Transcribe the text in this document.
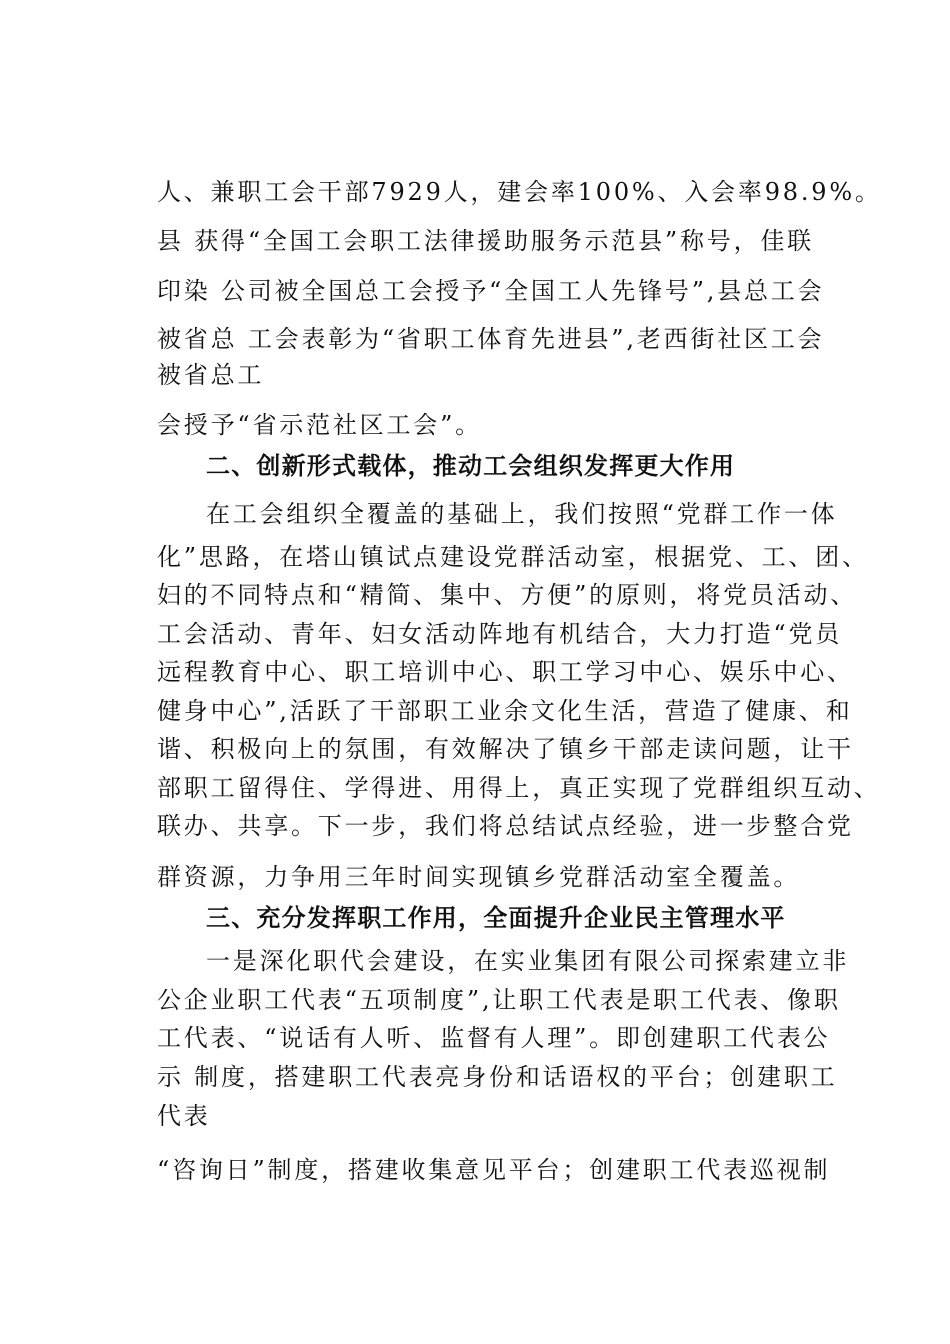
人、兼职工会干部7929人，建会率100%、入会率98.9%。

县 获得“全国工会职工法律援助服务示范县”称号，佳联

印染 公司被全国总工会授予“全国工人先锋号”,县总工会

被省总 工会表彰为“省职工体育先进县”,老西街社区工会

被省总工

会授予“省示范社区工会”。

二、创新形式载体，推动工会组织发挥更大作用

在工会组织全覆盖的基础上，我们按照“党群工作一体

化”思路，在塔山镇试点建设党群活动室，根据党、工、团、

妇的不同特点和“精简、集中、方便”的原则，将党员活动、

工会活动、青年、妇女活动阵地有机结合，大力打造“党员

远程教育中心、职工培训中心、职工学习中心、娱乐中心、

健身中心”,活跃了干部职工业余文化生活，营造了健康、和

谐、积极向上的氛围，有效解决了镇乡干部走读问题，让干

部职工留得住、学得进、用得上，真正实现了党群组织互动、

联办、共享。下一步，我们将总结试点经验，进一步整合党

群资源，力争用三年时间实现镇乡党群活动室全覆盖。

三、充分发挥职工作用，全面提升企业民主管理水平

一是深化职代会建设，在实业集团有限公司探索建立非

公企业职工代表“五项制度”,让职工代表是职工代表、像职

工代表、“说话有人听、监督有人理”。即创建职工代表公

示 制度，搭建职工代表亮身份和话语权的平台；创建职工

代表

“咨询日”制度，搭建收集意见平台；创建职工代表巡视制
